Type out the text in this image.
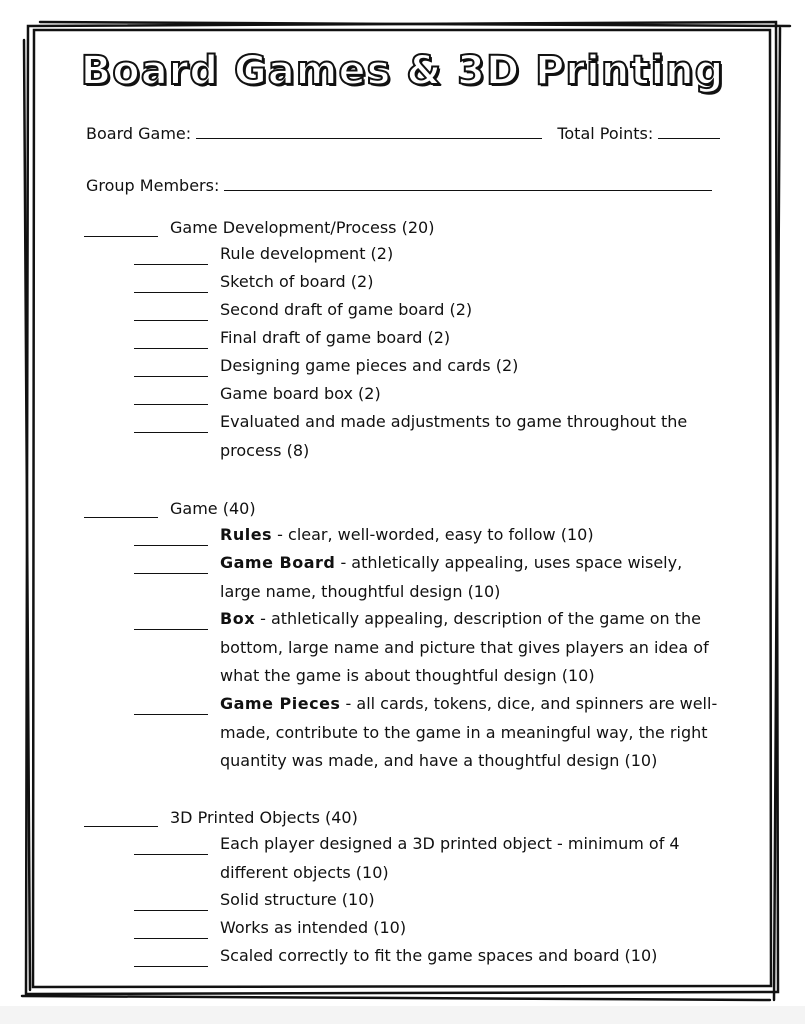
Board Games & 3D Printing
Board Game:	Total Points:
Group Members:
Game Development/Process (20)
Rule development (2)
Sketch of board (2)
Second draft of game board (2)
Final draft of game board (2)
Designing game pieces and cards (2)
Game board box (2)
Evaluated and made adjustments to game throughout the process (8)
Game (40)
Rules - clear, well-worded, easy to follow (10)
Game Board - athletically appealing, uses space wisely, large name, thoughtful design (10)
Box - athletically appealing, description of the game on the bottom, large name and picture that gives players an idea of what the game is about thoughtful design (10)
Game Pieces - all cards, tokens, dice, and spinners are well-made, contribute to the game in a meaningful way, the right quantity was made, and have a thoughtful design (10)
3D Printed Objects (40)
Each player designed a 3D printed object - minimum of 4 different objects (10)
Solid structure (10)
Works as intended (10)
Scaled correctly to fit the game spaces and board (10)
